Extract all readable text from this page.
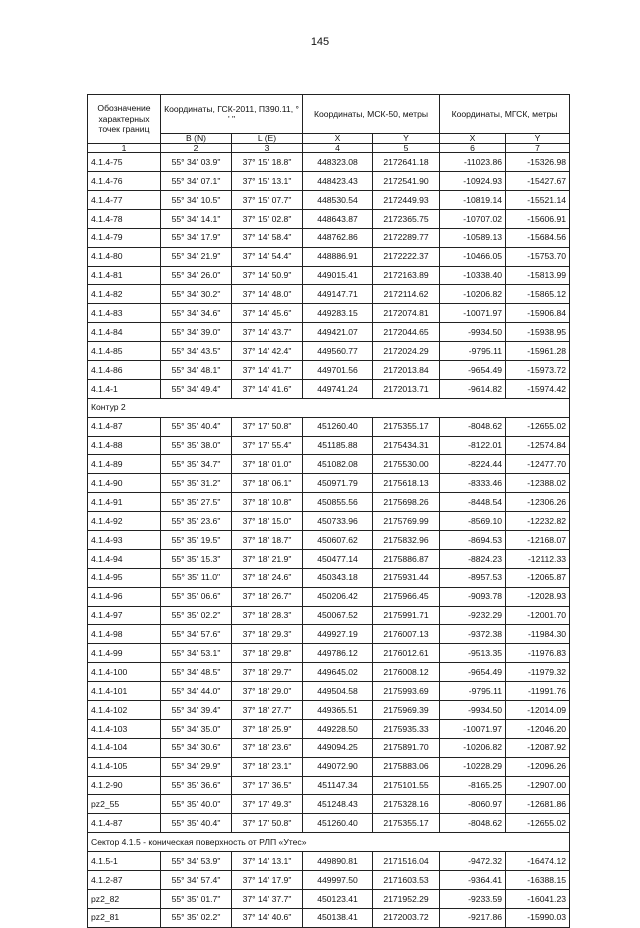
145
Обозначение характерных точек границ	Координаты, ГСК-2011, П390.11, ° ' "		Координаты, МСК-50, метры		Координаты, МГСК, метры	
	B (N)	L (E)	X	Y	X	Y
1	2	3	4	5	6	7
4.1.4-75	55° 34' 03.9"	37° 15' 18.8"	448323.08	2172641.18	-11023.86	-15326.98
4.1.4-76	55° 34' 07.1"	37° 15' 13.1"	448423.43	2172541.90	-10924.93	-15427.67
4.1.4-77	55° 34' 10.5"	37° 15' 07.7"	448530.54	2172449.93	-10819.14	-15521.14
4.1.4-78	55° 34' 14.1"	37° 15' 02.8"	448643.87	2172365.75	-10707.02	-15606.91
4.1.4-79	55° 34' 17.9"	37° 14' 58.4"	448762.86	2172289.77	-10589.13	-15684.56
4.1.4-80	55° 34' 21.9"	37° 14' 54.4"	448886.91	2172222.37	-10466.05	-15753.70
4.1.4-81	55° 34' 26.0"	37° 14' 50.9"	449015.41	2172163.89	-10338.40	-15813.99
4.1.4-82	55° 34' 30.2"	37° 14' 48.0"	449147.71	2172114.62	-10206.82	-15865.12
4.1.4-83	55° 34' 34.6"	37° 14' 45.6"	449283.15	2172074.81	-10071.97	-15906.84
4.1.4-84	55° 34' 39.0"	37° 14' 43.7"	449421.07	2172044.65	-9934.50	-15938.95
4.1.4-85	55° 34' 43.5"	37° 14' 42.4"	449560.77	2172024.29	-9795.11	-15961.28
4.1.4-86	55° 34' 48.1"	37° 14' 41.7"	449701.56	2172013.84	-9654.49	-15973.72
4.1.4-1	55° 34' 49.4"	37° 14' 41.6"	449741.24	2172013.71	-9614.82	-15974.42
Контур 2						
4.1.4-87	55° 35' 40.4"	37° 17' 50.8"	451260.40	2175355.17	-8048.62	-12655.02
4.1.4-88	55° 35' 38.0"	37° 17' 55.4"	451185.88	2175434.31	-8122.01	-12574.84
4.1.4-89	55° 35' 34.7"	37° 18' 01.0"	451082.08	2175530.00	-8224.44	-12477.70
4.1.4-90	55° 35' 31.2"	37° 18' 06.1"	450971.79	2175618.13	-8333.46	-12388.02
4.1.4-91	55° 35' 27.5"	37° 18' 10.8"	450855.56	2175698.26	-8448.54	-12306.26
4.1.4-92	55° 35' 23.6"	37° 18' 15.0"	450733.96	2175769.99	-8569.10	-12232.82
4.1.4-93	55° 35' 19.5"	37° 18' 18.7"	450607.62	2175832.96	-8694.53	-12168.07
4.1.4-94	55° 35' 15.3"	37° 18' 21.9"	450477.14	2175886.87	-8824.23	-12112.33
4.1.4-95	55° 35' 11.0"	37° 18' 24.6"	450343.18	2175931.44	-8957.53	-12065.87
4.1.4-96	55° 35' 06.6"	37° 18' 26.7"	450206.42	2175966.45	-9093.78	-12028.93
4.1.4-97	55° 35' 02.2"	37° 18' 28.3"	450067.52	2175991.71	-9232.29	-12001.70
4.1.4-98	55° 34' 57.6"	37° 18' 29.3"	449927.19	2176007.13	-9372.38	-11984.30
4.1.4-99	55° 34' 53.1"	37° 18' 29.8"	449786.12	2176012.61	-9513.35	-11976.83
4.1.4-100	55° 34' 48.5"	37° 18' 29.7"	449645.02	2176008.12	-9654.49	-11979.32
4.1.4-101	55° 34' 44.0"	37° 18' 29.0"	449504.58	2175993.69	-9795.11	-11991.76
4.1.4-102	55° 34' 39.4"	37° 18' 27.7"	449365.51	2175969.39	-9934.50	-12014.09
4.1.4-103	55° 34' 35.0"	37° 18' 25.9"	449228.50	2175935.33	-10071.97	-12046.20
4.1.4-104	55° 34' 30.6"	37° 18' 23.6"	449094.25	2175891.70	-10206.82	-12087.92
4.1.4-105	55° 34' 29.9"	37° 18' 23.1"	449072.90	2175883.06	-10228.29	-12096.26
4.1.2-90	55° 35' 36.6"	37° 17' 36.5"	451147.34	2175101.55	-8165.25	-12907.00
pz2_55	55° 35' 40.0"	37° 17' 49.3"	451248.43	2175328.16	-8060.97	-12681.86
4.1.4-87	55° 35' 40.4"	37° 17' 50.8"	451260.40	2175355.17	-8048.62	-12655.02
Сектор 4.1.5 - коническая поверхность от РЛП «Утес»						
4.1.5-1	55° 34' 53.9"	37° 14' 13.1"	449890.81	2171516.04	-9472.32	-16474.12
4.1.2-87	55° 34' 57.4"	37° 14' 17.9"	449997.50	2171603.53	-9364.41	-16388.15
pz2_82	55° 35' 01.7"	37° 14' 37.7"	450123.41	2171952.29	-9233.59	-16041.23
pz2_81	55° 35' 02.2"	37° 14' 40.6"	450138.41	2172003.72	-9217.86	-15990.03
